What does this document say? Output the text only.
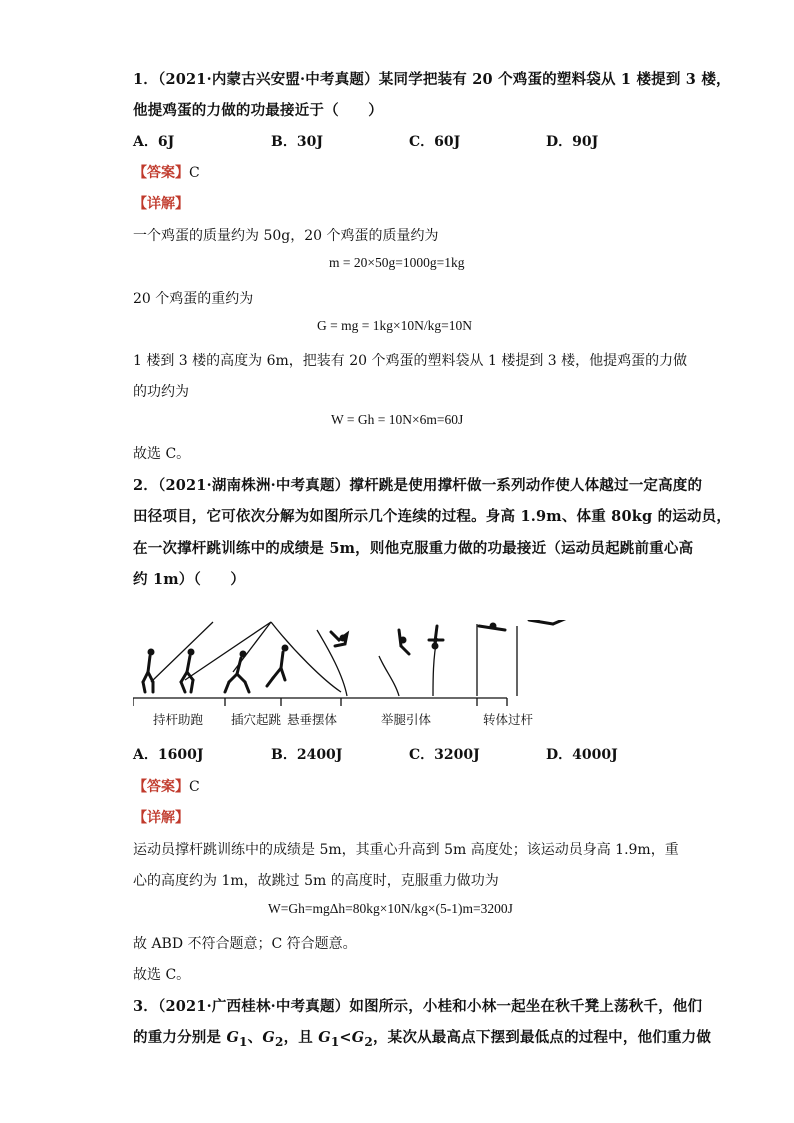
1．（2021·内蒙古兴安盟·中考真题）某同学把装有 20 个鸡蛋的塑料袋从 1 楼提到 3 楼，
他提鸡蛋的力做的功最接近于（　　）
A．6J	B．30J	C．60J	D．90J
【答案】C
【详解】
一个鸡蛋的质量约为 50g，20 个鸡蛋的质量约为
m = 20×50g=1000g=1kg
20 个鸡蛋的重约为
G = mg = 1kg×10N/kg=10N
1 楼到 3 楼的高度为 6m，把装有 20 个鸡蛋的塑料袋从 1 楼提到 3 楼，他提鸡蛋的力做
的功约为
W = Gh = 10N×6m=60J
故选 C。
2．（2021·湖南株洲·中考真题）撑杆跳是使用撑杆做一系列动作使人体越过一定高度的
田径项目，它可依次分解为如图所示几个连续的过程。身高 1.9m、体重 80kg 的运动员，
在一次撑杆跳训练中的成绩是 5m，则他克服重力做的功最接近（运动员起跳前重心高
约 1m）（　　）
持杆助跑 插穴起跳 悬垂摆体	举腿引体	转体过杆
A．1600J	B．2400J	C．3200J	D．4000J
【答案】C
【详解】
运动员撑杆跳训练中的成绩是 5m，其重心升高到 5m 高度处；该运动员身高 1.9m，重
心的高度约为 1m，故跳过 5m 的高度时，克服重力做功为
W=Gh=mgΔh=80kg×10N/kg×(5-1)m=3200J
故 ABD 不符合题意；C 符合题意。
故选 C。
3．（2021·广西桂林·中考真题）如图所示，小桂和小林一起坐在秋千凳上荡秋千，他们
的重力分别是 $G_1$、$G_2$，且 $G_1<G_2$，某次从最高点下摆到最低点的过程中，他们重力做
